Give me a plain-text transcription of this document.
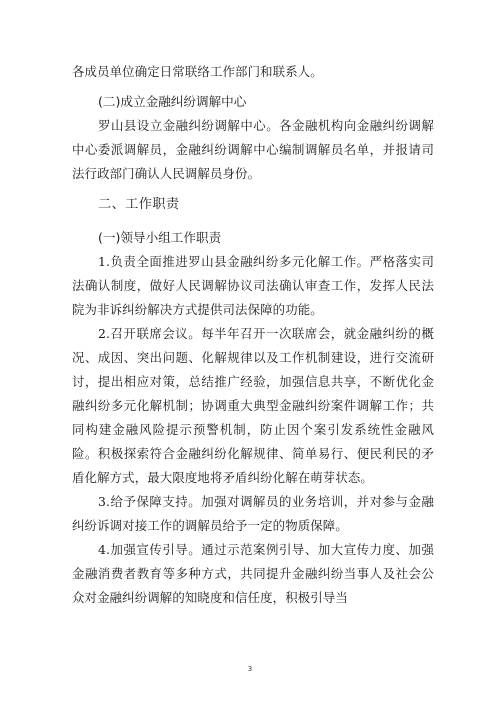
各成员单位确定日常联络工作部门和联系人。

(二)成立金融纠纷调解中心

罗山县设立金融纠纷调解中心。各金融机构向金融纠纷调解中心委派调解员，金融纠纷调解中心编制调解员名单，并报请司法行政部门确认人民调解员身份。

二、工作职责

(一)领导小组工作职责

1.负责全面推进罗山县金融纠纷多元化解工作。严格落实司法确认制度，做好人民调解协议司法确认审查工作，发挥人民法院为非诉纠纷解决方式提供司法保障的功能。

2.召开联席会议。每半年召开一次联席会，就金融纠纷的概况、成因、突出问题、化解规律以及工作机制建设，进行交流研讨，提出相应对策，总结推广经验，加强信息共享，不断优化金融纠纷多元化解机制；协调重大典型金融纠纷案件调解工作；共同构建金融风险提示预警机制，防止因个案引发系统性金融风险。积极探索符合金融纠纷化解规律、简单易行、便民利民的矛盾化解方式，最大限度地将矛盾纠纷化解在萌芽状态。

3.给予保障支持。加强对调解员的业务培训，并对参与金融纠纷诉调对接工作的调解员给予一定的物质保障。

4.加强宣传引导。通过示范案例引导、加大宣传力度、加强金融消费者教育等多种方式，共同提升金融纠纷当事人及社会公众对金融纠纷调解的知晓度和信任度，积极引导当

3
